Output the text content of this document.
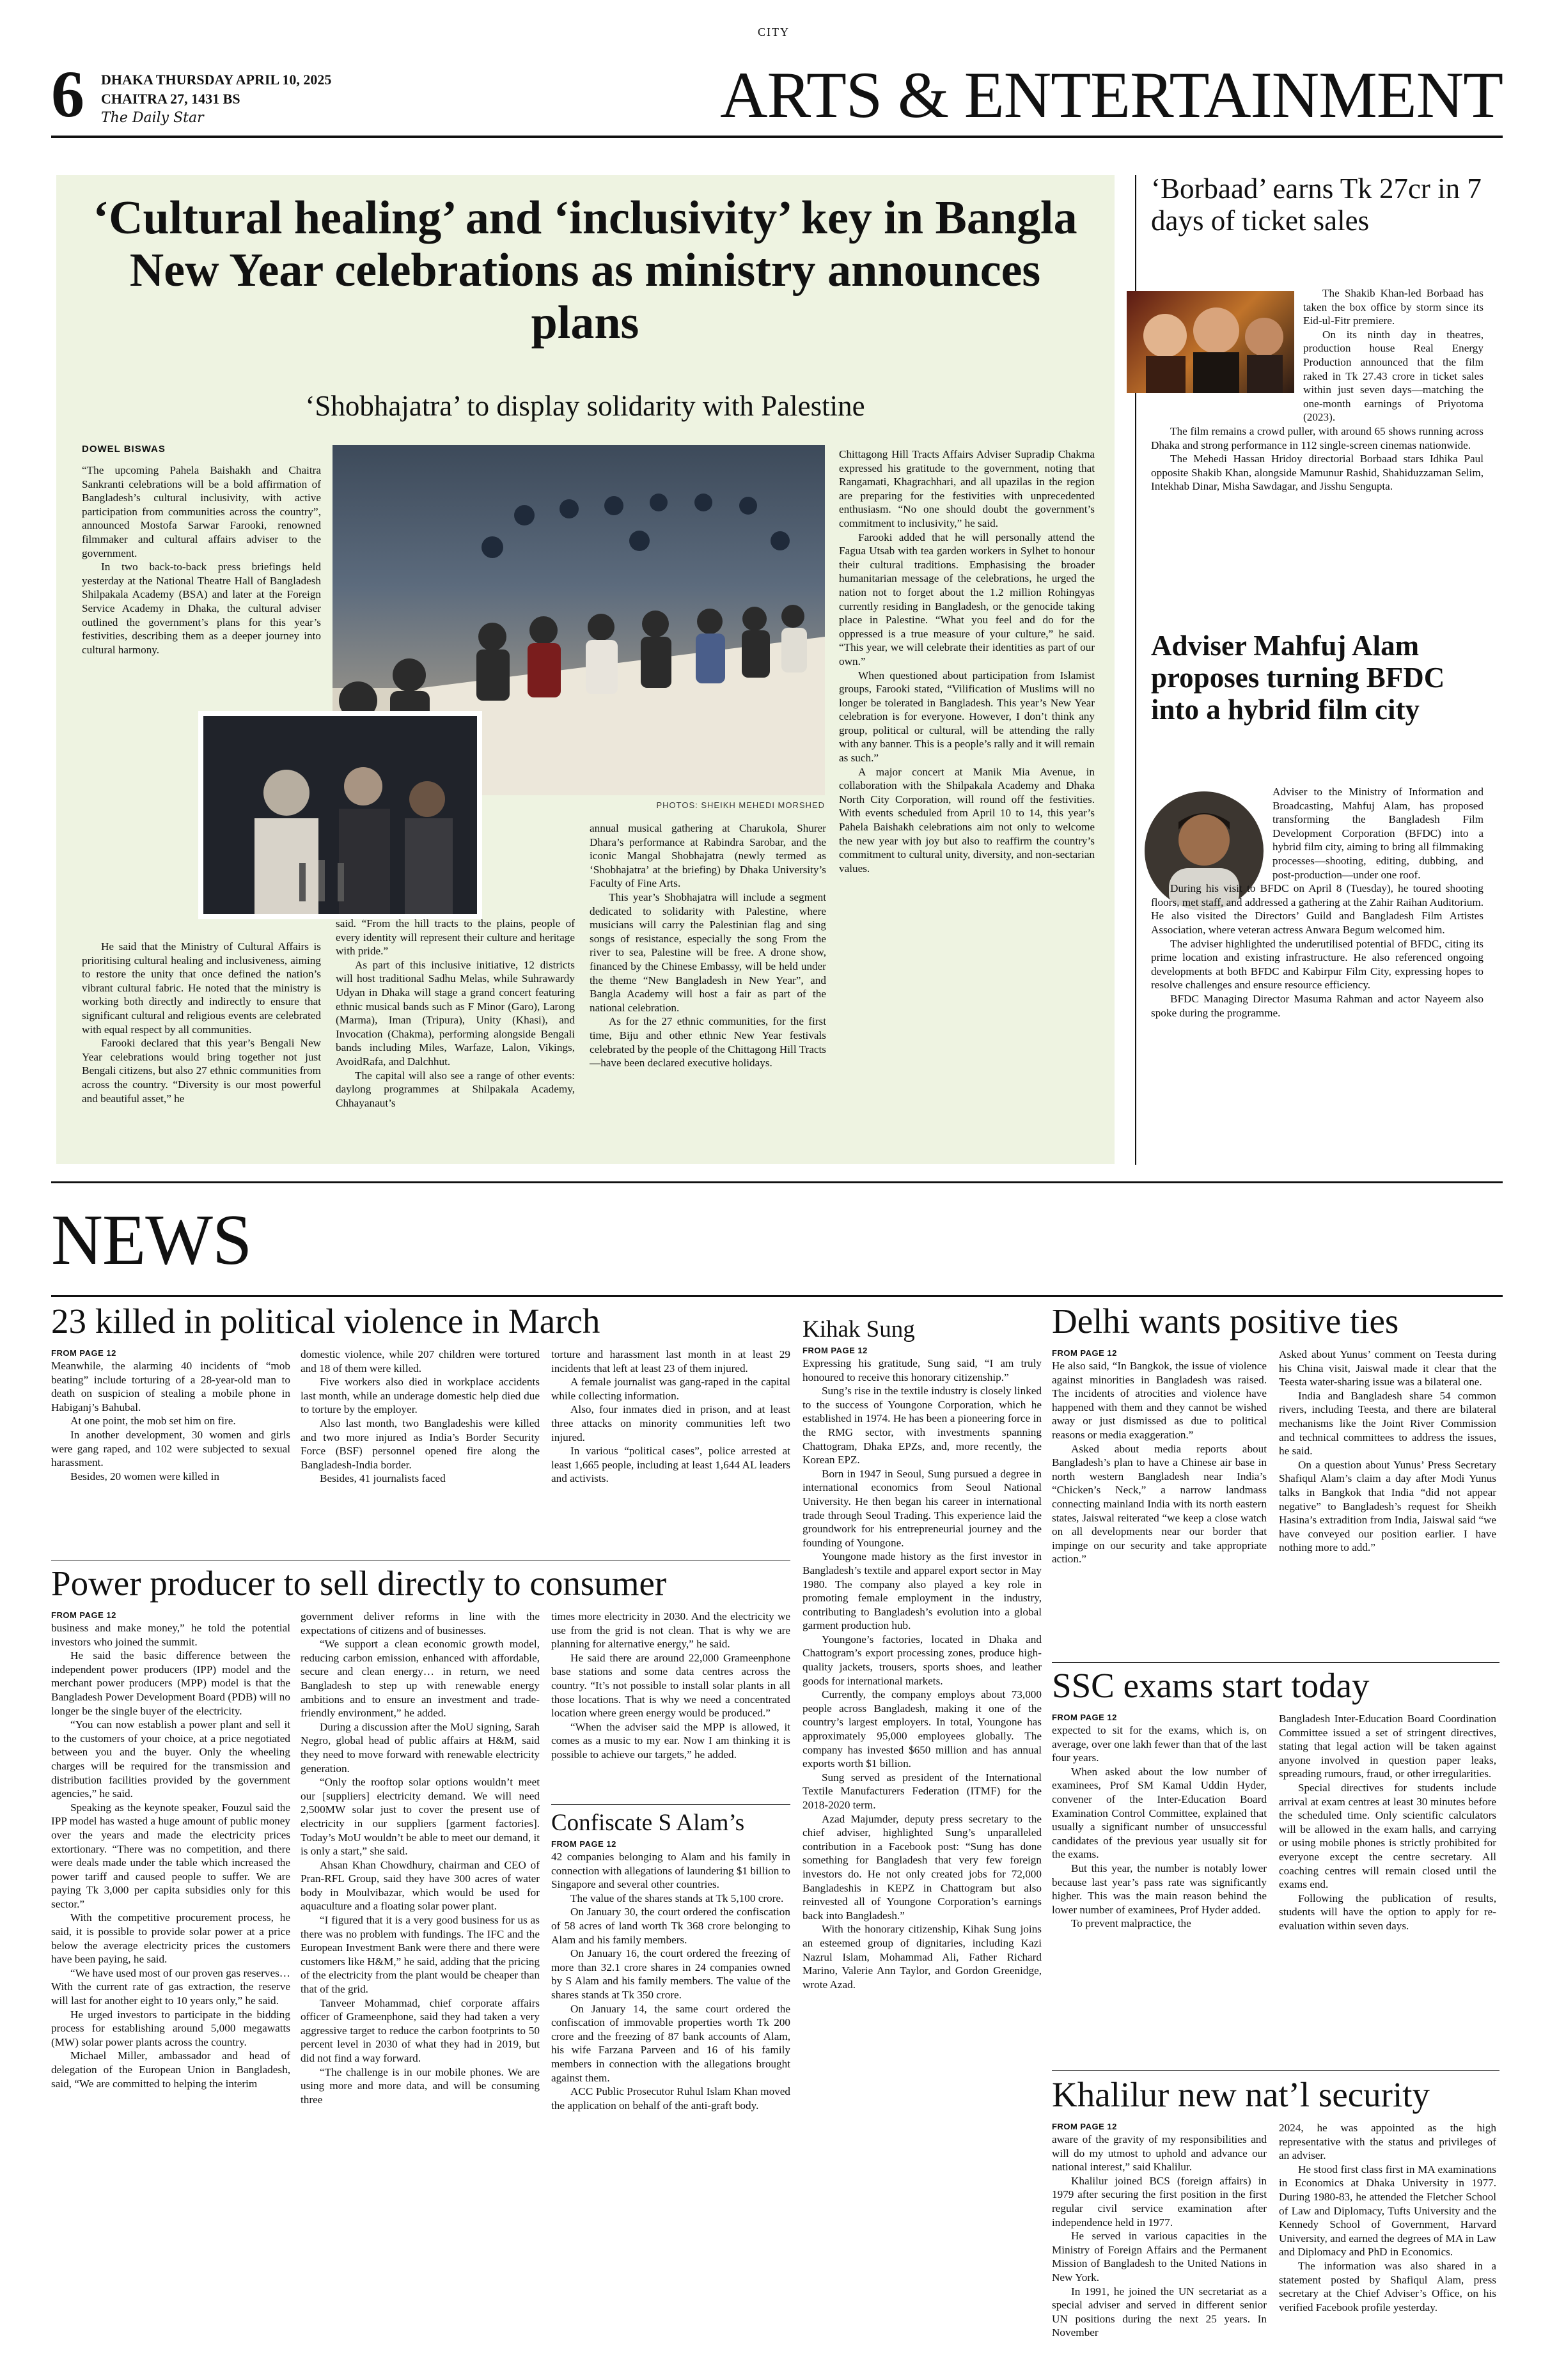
CITY
6 DHAKA THURSDAY APRIL 10, 2025
CHAITRA 27, 1431 BS
The Daily Star	ARTS & ENTERTAINMENT
‘Cultural healing’ and ‘inclusivity’ key in Bangla New Year celebrations as ministry announces plans
‘Shobhajatra’ to display solidarity with Palestine
DOWEL BISWAS
PHOTOS: SHEIKH MEHEDI MORSHED

“The upcoming Pahela Baishakh and Chaitra Sankranti celebrations will be a bold affirmation of Bangladesh’s cultural inclusivity, with active participation from communities across the country”, announced Mostofa Sarwar Farooki, renowned filmmaker and cultural affairs adviser to the government.

In two back-to-back press briefings held yesterday at the National Theatre Hall of Bangladesh Shilpakala Academy (BSA) and later at the Foreign Service Academy in Dhaka, the cultural adviser outlined the government’s plans for this year’s festivities, describing them as a deeper journey into cultural harmony.

He said that the Ministry of Cultural Affairs is prioritising cultural healing and inclusiveness, aiming to restore the unity that once defined the nation’s vibrant cultural fabric. He noted that the ministry is working both directly and indirectly to ensure that significant cultural and religious events are celebrated with equal respect by all communities.

Farooki declared that this year’s Bengali New Year celebrations would bring together not just Bengali citizens, but also 27 ethnic communities from across the country. “Diversity is our most powerful and beautiful asset,” he

said. “From the hill tracts to the plains, people of every identity will represent their culture and heritage with pride.”

As part of this inclusive initiative, 12 districts will host traditional Sadhu Melas, while Suhrawardy Udyan in Dhaka will stage a grand concert featuring ethnic musical bands such as F Minor (Garo), Larong (Marma), Iman (Tripura), Unity (Khasi), and Invocation (Chakma), performing alongside Bengali bands including Miles, Warfaze, Lalon, Vikings, AvoidRafa, and Dalchhut.

The capital will also see a range of other events: daylong programmes at Shilpakala Academy, Chhayanaut’s

annual musical gathering at Charukola, Shurer Dhara’s performance at Rabindra Sarobar, and the iconic Mangal Shobhajatra (newly termed as ‘Shobhajatra’ at the briefing) by Dhaka University’s Faculty of Fine Arts.

This year’s Shobhajatra will include a segment dedicated to solidarity with Palestine, where musicians will carry the Palestinian flag and sing songs of resistance, especially the song From the river to sea, Palestine will be free. A drone show, financed by the Chinese Embassy, will be held under the theme “New Bangladesh in New Year”, and Bangla Academy will host a fair as part of the national celebration.

As for the 27 ethnic communities, for the first time, Biju and other ethnic New Year festivals celebrated by the people of the Chittagong Hill Tracts—have been declared executive holidays.

Chittagong Hill Tracts Affairs Adviser Supradip Chakma expressed his gratitude to the government, noting that Rangamati, Khagrachhari, and all upazilas in the region are preparing for the festivities with unprecedented enthusiasm. “No one should doubt the government’s commitment to inclusivity,” he said.

Farooki added that he will personally attend the Fagua Utsab with tea garden workers in Sylhet to honour their cultural traditions. Emphasising the broader humanitarian message of the celebrations, he urged the nation not to forget about the 1.2 million Rohingyas currently residing in Bangladesh, or the genocide taking place in Palestine. “What you feel and do for the oppressed is a true measure of your culture,” he said. “This year, we will celebrate their identities as part of our own.”

When questioned about participation from Islamist groups, Farooki stated, “Vilification of Muslims will no longer be tolerated in Bangladesh. This year’s New Year celebration is for everyone. However, I don’t think any group, political or cultural, will be attending the rally with any banner. This is a people’s rally and it will remain as such.”

A major concert at Manik Mia Avenue, in collaboration with the Shilpakala Academy and Dhaka North City Corporation, will round off the festivities. With events scheduled from April 10 to 14, this year’s Pahela Baishakh celebrations aim not only to welcome the new year with joy but also to reaffirm the country’s commitment to cultural unity, diversity, and non-sectarian values.

‘Borbaad’ earns Tk 27cr in 7 days of ticket sales

The Shakib Khan-led Borbaad has taken the box office by storm since its Eid-ul-Fitr premiere.

On its ninth day in theatres, production house Real Energy Production announced that the film raked in Tk 27.43 crore in ticket sales within just seven days—matching the one-month earnings of Priyotoma (2023).

The film remains a crowd puller, with around 65 shows running across Dhaka and strong performance in 112 single-screen cinemas nationwide.

The Mehedi Hassan Hridoy directorial Borbaad stars Idhika Paul opposite Shakib Khan, alongside Mamunur Rashid, Shahiduzzaman Selim, Intekhab Dinar, Misha Sawdagar, and Jisshu Sengupta.

Adviser Mahfuj Alam proposes turning BFDC into a hybrid film city

Adviser to the Ministry of Information and Broadcasting, Mahfuj Alam, has proposed transforming the Bangladesh Film Development Corporation (BFDC) into a hybrid film city, aiming to bring all filmmaking processes—shooting, editing, dubbing, and post-production—under one roof.

During his visit to BFDC on April 8 (Tuesday), he toured shooting floors, met staff, and addressed a gathering at the Zahir Raihan Auditorium. He also visited the Directors’ Guild and Bangladesh Film Artistes Association, where veteran actress Anwara Begum welcomed him.

The adviser highlighted the underutilised potential of BFDC, citing its prime location and existing infrastructure. He also referenced ongoing developments at both BFDC and Kabirpur Film City, expressing hopes to resolve challenges and ensure resource efficiency.

BFDC Managing Director Masuma Rahman and actor Nayeem also spoke during the programme.

NEWS
23 killed in political violence in March
FROM PAGE 12

Meanwhile, the alarming 40 incidents of “mob beating” include torturing of a 28-year-old man to death on suspicion of stealing a mobile phone in Habiganj’s Bahubal.

At one point, the mob set him on fire.

In another development, 30 women and girls were gang raped, and 102 were subjected to sexual harassment.

Besides, 20 women were killed in

domestic violence, while 207 children were tortured and 18 of them were killed.

Five workers also died in workplace accidents last month, while an underage domestic help died due to torture by the employer.

Also last month, two Bangladeshis were killed and two more injured as India’s Border Security Force (BSF) personnel opened fire along the Bangladesh-India border.

Besides, 41 journalists faced

torture and harassment last month in at least 29 incidents that left at least 23 of them injured.

A female journalist was gang-raped in the capital while collecting information.

Also, four inmates died in prison, and at least three attacks on minority communities left two injured.

In various “political cases”, police arrested at least 1,665 people, including at least 1,644 AL leaders and activists.

Power producer to sell directly to consumer
FROM PAGE 12

business and make money,” he told the potential investors who joined the summit.

He said the basic difference between the independent power producers (IPP) model and the merchant power producers (MPP) model is that the Bangladesh Power Development Board (PDB) will no longer be the single buyer of the electricity.

“You can now establish a power plant and sell it to the customers of your choice, at a price negotiated between you and the buyer. Only the wheeling charges will be required for the transmission and distribution facilities provided by the government agencies,” he said.

Speaking as the keynote speaker, Fouzul said the IPP model has wasted a huge amount of public money over the years and made the electricity prices extortionary. “There was no competition, and there were deals made under the table which increased the power tariff and caused people to suffer. We are paying Tk 3,000 per capita subsidies only for this sector.”

With the competitive procurement process, he said, it is possible to provide solar power at a price below the average electricity prices the customers have been paying, he said.

“We have used most of our proven gas reserves… With the current rate of gas extraction, the reserve will last for another eight to 10 years only,” he said.

He urged investors to participate in the bidding process for establishing around 5,000 megawatts (MW) solar power plants across the country.

Michael Miller, ambassador and head of delegation of the European Union in Bangladesh, said, “We are committed to helping the interim

government deliver reforms in line with the expectations of citizens and of businesses.

“We support a clean economic growth model, reducing carbon emission, enhanced with affordable, secure and clean energy… in return, we need Bangladesh to step up with renewable energy ambitions and to ensure an investment and trade-friendly environment,” he added.

During a discussion after the MoU signing, Sarah Negro, global head of public affairs at H&M, said they need to move forward with renewable electricity generation.

“Only the rooftop solar options wouldn’t meet our [suppliers] electricity demand. We will need 2,500MW solar just to cover the present use of electricity in our suppliers [garment factories]. Today’s MoU wouldn’t be able to meet our demand, it is only a start,” she said.

Ahsan Khan Chowdhury, chairman and CEO of Pran-RFL Group, said they have 300 acres of water body in Moulvibazar, which would be used for aquaculture and a floating solar power plant.

“I figured that it is a very good business for us as there was no problem with fundings. The IFC and the European Investment Bank were there and there were customers like H&M,” he said, adding that the pricing of the electricity from the plant would be cheaper than that of the grid.

Tanveer Mohammad, chief corporate affairs officer of Grameenphone, said they had taken a very aggressive target to reduce the carbon footprints to 50 percent level in 2030 of what they had in 2019, but did not find a way forward.

“The challenge is in our mobile phones. We are using more and more data, and will be consuming three

times more electricity in 2030. And the electricity we use from the grid is not clean. That is why we are planning for alternative energy,” he said.

He said there are around 22,000 Grameenphone base stations and some data centres across the country. “It’s not possible to install solar plants in all those locations. That is why we need a concentrated location where green energy would be produced.”

“When the adviser said the MPP is allowed, it comes as a music to my ear. Now I am thinking it is possible to achieve our targets,” he added.

Confiscate S Alam’s
FROM PAGE 12

42 companies belonging to Alam and his family in connection with allegations of laundering $1 billion to Singapore and several other countries.

The value of the shares stands at Tk 5,100 crore.

On January 30, the court ordered the confiscation of 58 acres of land worth Tk 368 crore belonging to Alam and his family members.

On January 16, the court ordered the freezing of more than 32.1 crore shares in 24 companies owned by S Alam and his family members. The value of the shares stands at Tk 350 crore.

On January 14, the same court ordered the confiscation of immovable properties worth Tk 200 crore and the freezing of 87 bank accounts of Alam, his wife Farzana Parveen and 16 of his family members in connection with the allegations brought against them.

ACC Public Prosecutor Ruhul Islam Khan moved the application on behalf of the anti-graft body.

Kihak Sung
FROM PAGE 12

Expressing his gratitude, Sung said, “I am truly honoured to receive this honorary citizenship.”

Sung’s rise in the textile industry is closely linked to the success of Youngone Corporation, which he established in 1974. He has been a pioneering force in the RMG sector, with investments spanning Chattogram, Dhaka EPZs, and, more recently, the Korean EPZ.

Born in 1947 in Seoul, Sung pursued a degree in international economics from Seoul National University. He then began his career in international trade through Seoul Trading. This experience laid the groundwork for his entrepreneurial journey and the founding of Youngone.

Youngone made history as the first investor in Bangladesh’s textile and apparel export sector in May 1980. The company also played a key role in promoting female employment in the industry, contributing to Bangladesh’s evolution into a global garment production hub.

Youngone’s factories, located in Dhaka and Chattogram’s export processing zones, produce high-quality jackets, trousers, sports shoes, and leather goods for international markets.

Currently, the company employs about 73,000 people across Bangladesh, making it one of the country’s largest employers. In total, Youngone has approximately 95,000 employees globally. The company has invested $650 million and has annual exports worth $1 billion.

Sung served as president of the International Textile Manufacturers Federation (ITMF) for the 2018-2020 term.

Azad Majumder, deputy press secretary to the chief adviser, highlighted Sung’s unparalleled contribution in a Facebook post: “Sung has done something for Bangladesh that very few foreign investors do. He not only created jobs for 72,000 Bangladeshis in KEPZ in Chattogram but also reinvested all of Youngone Corporation’s earnings back into Bangladesh.”

With the honorary citizenship, Kihak Sung joins an esteemed group of dignitaries, including Kazi Nazrul Islam, Mohammad Ali, Father Richard Marino, Valerie Ann Taylor, and Gordon Greenidge, wrote Azad.

Delhi wants positive ties
FROM PAGE 12

He also said, “In Bangkok, the issue of violence against minorities in Bangladesh was raised. The incidents of atrocities and violence have happened with them and they cannot be wished away or just dismissed as due to political reasons or media exaggeration.”

Asked about media reports about Bangladesh’s plan to have a Chinese air base in north western Bangladesh near India’s “Chicken’s Neck,” a narrow landmass connecting mainland India with its north eastern states, Jaiswal reiterated “we keep a close watch on all developments near our border that impinge on our security and take appropriate action.”

Asked about Yunus’ comment on Teesta during his China visit, Jaiswal made it clear that the Teesta water-sharing issue was a bilateral one.

India and Bangladesh share 54 common rivers, including Teesta, and there are bilateral mechanisms like the Joint River Commission and technical committees to address the issues, he said.

On a question about Yunus’ Press Secretary Shafiqul Alam’s claim a day after Modi Yunus talks in Bangkok that India “did not appear negative” to Bangladesh’s request for Sheikh Hasina’s extradition from India, Jaiswal said “we have conveyed our position earlier. I have nothing more to add.”

SSC exams start today
FROM PAGE 12

expected to sit for the exams, which is, on average, over one lakh fewer than that of the last four years.

When asked about the low number of examinees, Prof SM Kamal Uddin Hyder, convener of the Inter-Education Board Examination Control Committee, explained that usually a significant number of unsuccessful candidates of the previous year usually sit for the exams.

But this year, the number is notably lower because last year’s pass rate was significantly higher. This was the main reason behind the lower number of examinees, Prof Hyder added.

To prevent malpractice, the

Bangladesh Inter-Education Board Coordination Committee issued a set of stringent directives, stating that legal action will be taken against anyone involved in question paper leaks, spreading rumours, fraud, or other irregularities.

Special directives for students include arrival at exam centres at least 30 minutes before the scheduled time. Only scientific calculators will be allowed in the exam halls, and carrying or using mobile phones is strictly prohibited for everyone except the centre secretary. All coaching centres will remain closed until the exams end.

Following the publication of results, students will have the option to apply for re-evaluation within seven days.

Khalilur new nat’l security
FROM PAGE 12

aware of the gravity of my responsibilities and will do my utmost to uphold and advance our national interest,” said Khalilur.

Khalilur joined BCS (foreign affairs) in 1979 after securing the first position in the first regular civil service examination after independence held in 1977.

He served in various capacities in the Ministry of Foreign Affairs and the Permanent Mission of Bangladesh to the United Nations in New York.

In 1991, he joined the UN secretariat as a special adviser and served in different senior UN positions during the next 25 years. In November

2024, he was appointed as the high representative with the status and privileges of an adviser.

He stood first class first in MA examinations in Economics at Dhaka University in 1977. During 1980-83, he attended the Fletcher School of Law and Diplomacy, Tufts University and the Kennedy School of Government, Harvard University, and earned the degrees of MA in Law and Diplomacy and PhD in Economics.

The information was also shared in a statement posted by Shafiqul Alam, press secretary at the Chief Adviser’s Office, on his verified Facebook profile yesterday.
